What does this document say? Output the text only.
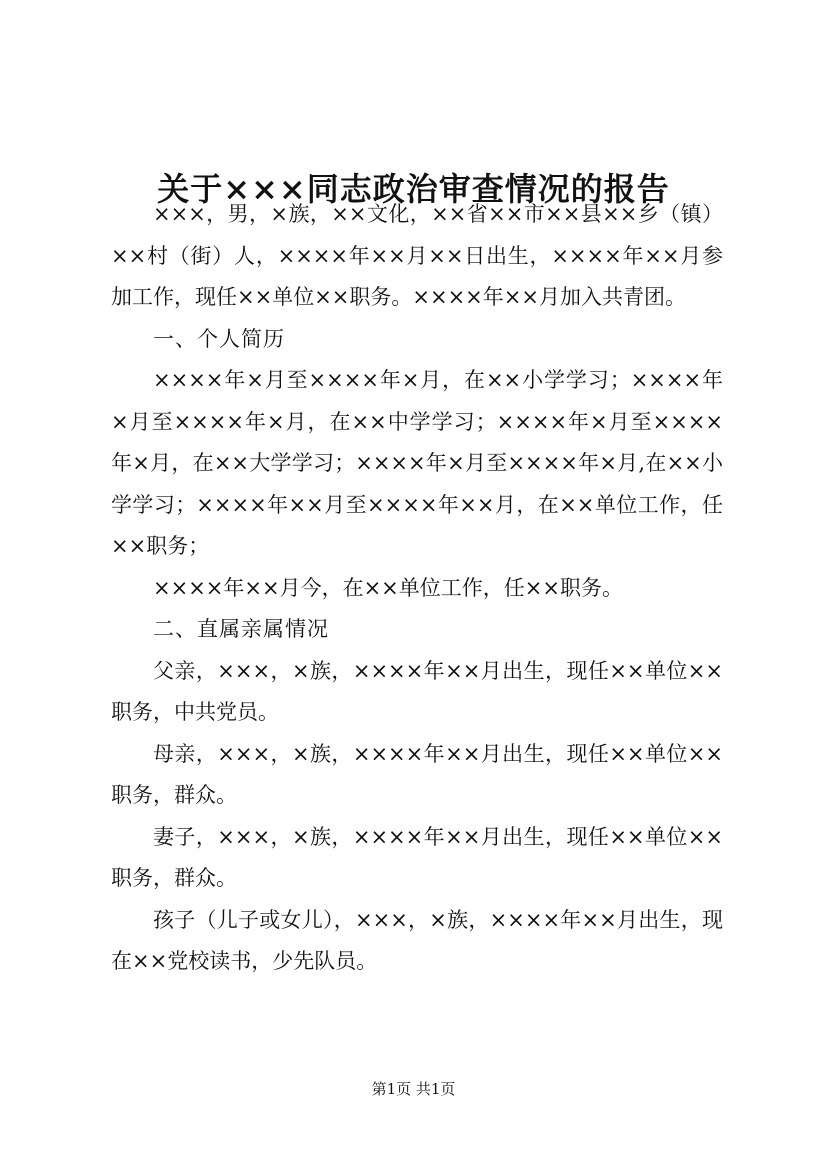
关于×××同志政治审查情况的报告

×××，男，×族，××文化，××省××市××县××乡（镇）××村（街）人，××××年××月××日出生，××××年××月参加工作，现任××单位××职务。××××年××月加入共青团。

一、个人简历

××××年×月至××××年×月，在××小学学习；××××年×月至××××年×月，在××中学学习；××××年×月至××××年×月，在××大学学习；××××年×月至××××年×月,在××小学学习；××××年××月至××××年××月，在××单位工作，任××职务；

××××年××月今，在××单位工作，任××职务。

二、直属亲属情况

父亲，×××，×族，××××年××月出生，现任××单位××职务，中共党员。

母亲，×××，×族，××××年××月出生，现任××单位××职务，群众。

妻子，×××，×族，××××年××月出生，现任××单位××职务，群众。

孩子（儿子或女儿），×××，×族，××××年××月出生，现在××党校读书，少先队员。

第1页 共1页
